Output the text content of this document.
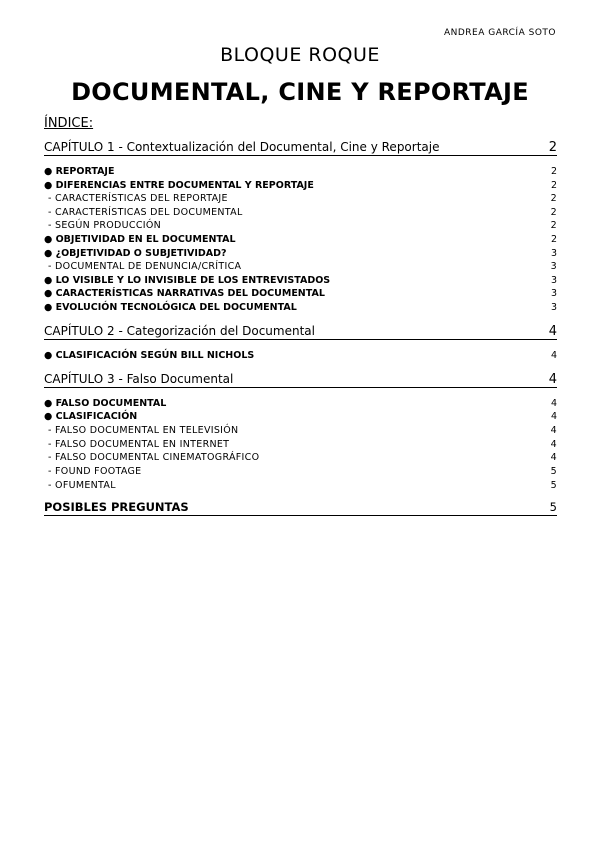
ANDREA GARCÍA SOTO
BLOQUE ROQUE
DOCUMENTAL, CINE Y REPORTAJE
ÍNDICE:
CAPÍTULO 1 - Contextualización del Documental, Cine y Reportaje	2
● REPORTAJE	2
● DIFERENCIAS ENTRE DOCUMENTAL Y REPORTAJE	2
- CARACTERÍSTICAS DEL REPORTAJE	2
- CARACTERÍSTICAS DEL DOCUMENTAL	2
- SEGÚN PRODUCCIÓN	2
● OBJETIVIDAD EN EL DOCUMENTAL	2
● ¿OBJETIVIDAD O SUBJETIVIDAD?	3
- DOCUMENTAL DE DENUNCIA/CRÍTICA	3
● LO VISIBLE Y LO INVISIBLE DE LOS ENTREVISTADOS	3
● CARACTERÍSTICAS NARRATIVAS DEL DOCUMENTAL	3
● EVOLUCIÓN TECNOLÓGICA DEL DOCUMENTAL	3
CAPÍTULO 2 - Categorización del Documental	4
● CLASIFICACIÓN SEGÚN BILL NICHOLS	4
CAPÍTULO 3 - Falso Documental	4
● FALSO DOCUMENTAL	4
● CLASIFICACIÓN	4
- FALSO DOCUMENTAL EN TELEVISIÓN	4
- FALSO DOCUMENTAL EN INTERNET	4
- FALSO DOCUMENTAL CINEMATOGRÁFICO	4
- FOUND FOOTAGE	5
- OFUMENTAL	5
POSIBLES PREGUNTAS	5
